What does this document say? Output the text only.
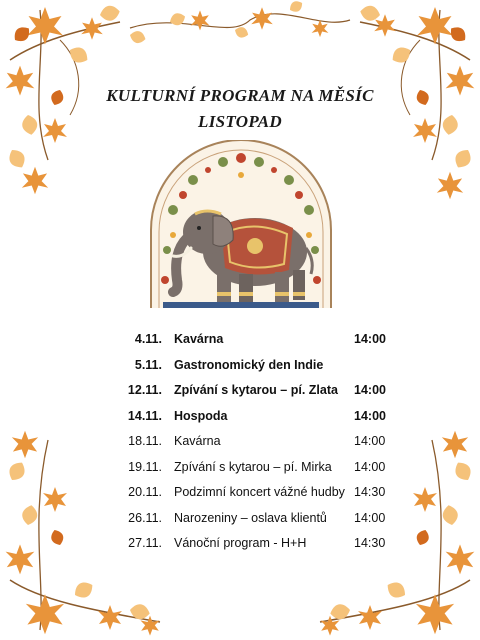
KULTURNÍ PROGRAM NA MĚSÍC
LISTOPAD
4.11. Kavárna	14:00
5.11. Gastronomický den Indie
12.11. Zpívání s kytarou – pí. Zlata 14:00
14.11. Hospoda	14:00
18.11. Kavárna	14:00
19.11. Zpívání s kytarou – pí. Mirka 14:00
20.11. Podzimní koncert vážné hudby 14:30
26.11. Narozeniny – oslava klientů 14:00
27.11. Vánoční program - H+H	14:30
